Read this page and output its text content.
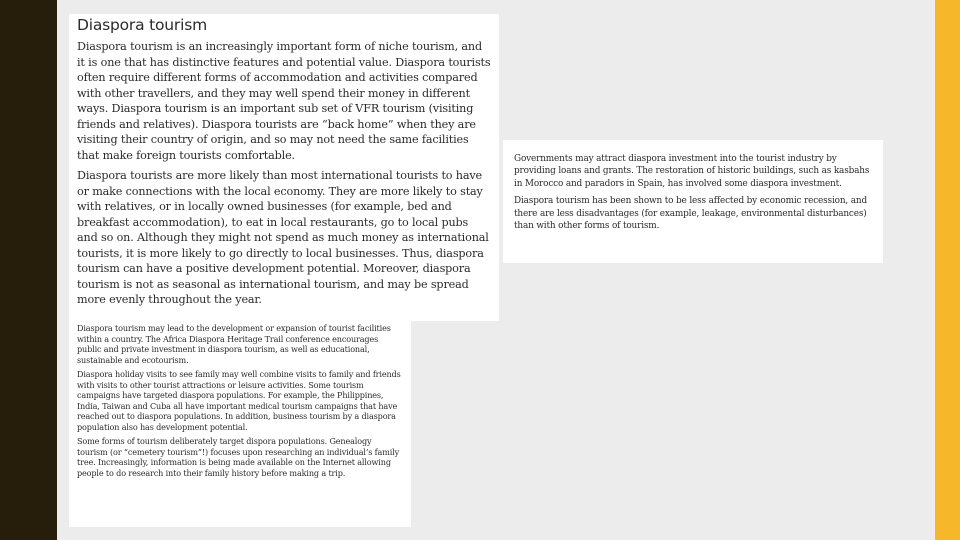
Diaspora tourism

Diaspora tourism is an increasingly important form of niche tourism, and it is one that has distinctive features and potential value. Diaspora tourists often require different forms of accommodation and activities compared with other travellers, and they may well spend their money in different ways. Diaspora tourism is an important sub set of VFR tourism (visiting friends and relatives). Diaspora tourists are “back home” when they are visiting their country of origin, and so may not need the same facilities that make foreign tourists comfortable.

Diaspora tourists are more likely than most international tourists to have or make connections with the local economy. They are more likely to stay with relatives, or in locally owned businesses (for example, bed and breakfast accommodation), to eat in local restaurants, go to local pubs and so on. Although they might not spend as much money as international tourists, it is more likely to go directly to local businesses. Thus, diaspora tourism can have a positive development potential. Moreover, diaspora tourism is not as seasonal as international tourism, and may be spread more evenly throughout the year.

Diaspora tourism may lead to the development or expansion of tourist facilities within a country. The Africa Diaspora Heritage Trail conference encourages public and private investment in diaspora tourism, as well as educational, sustainable and ecotourism.

Diaspora holiday visits to see family may well combine visits to family and friends with visits to other tourist attractions or leisure activities. Some tourism campaigns have targeted diaspora populations. For example, the Philippines, India, Taiwan and Cuba all have important medical tourism campaigns that have reached out to diaspora populations. In addition, business tourism by a diaspora population also has development potential.

Some forms of tourism deliberately target dispora populations. Genealogy tourism (or “cemetery tourism”!) focuses upon researching an individual’s family tree. Increasingly, information is being made available on the Internet allowing people to do research into their family history before making a trip.

Governments may attract diaspora investment into the tourist industry by providing loans and grants. The restoration of historic buildings, such as kasbahs in Morocco and paradors in Spain, has involved some diaspora investment.

Diaspora tourism has been shown to be less affected by economic recession, and there are less disadvantages (for example, leakage, environmental disturbances) than with other forms of tourism.
